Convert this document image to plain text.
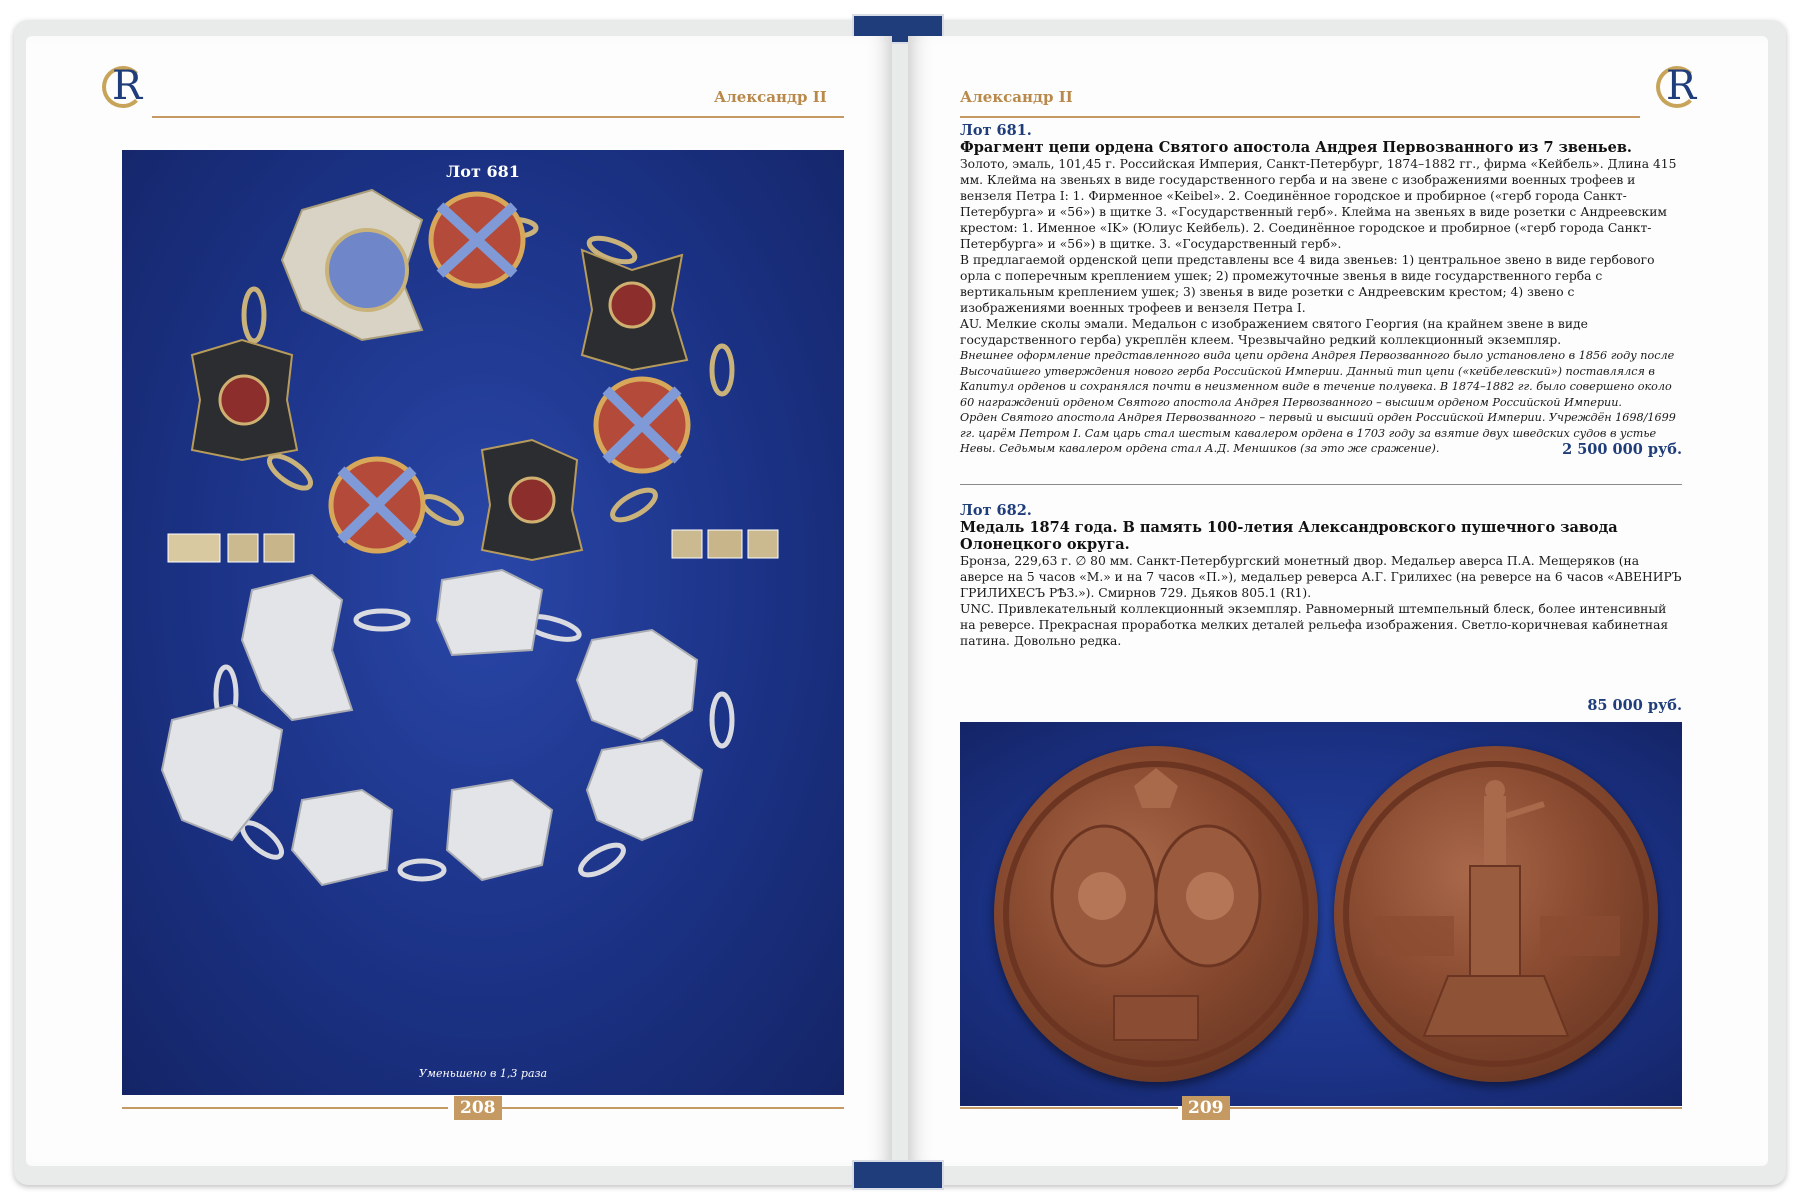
R	Александр II
Лот 681
Уменьшено в 1,3 раза
208
Александр II	R

Лот 681.

Фрагмент цепи ордена Святого апостола Андрея Первозванного из 7 звеньев.

Золото, эмаль, 101,45 г. Российская Империя, Санкт-Петербург, 1874–1882 гг., фирма «Кейбель». Длина 415 мм. Клейма на звеньях в виде государственного герба и на звене с изображениями военных трофеев и вензеля Петра I: 1. Фирменное «Keibel». 2. Соединённое городское и пробирное («герб города Санкт-Петербурга» и «56») в щитке 3. «Государственный герб». Клейма на звеньях в виде розетки с Андреевским крестом: 1. Именное «IK» (Юлиус Кейбель). 2. Соединённое городское и пробирное («герб города Санкт-Петербурга» и «56») в щитке. 3. «Государственный герб».

В предлагаемой орденской цепи представлены все 4 вида звеньев: 1) центральное звено в виде гербового орла с поперечным креплением ушек; 2) промежуточные звенья в виде государственного герба с вертикальным креплением ушек; 3) звенья в виде розетки с Андреевским крестом; 4) звено с изображениями военных трофеев и вензеля Петра I.

AU. Мелкие сколы эмали. Медальон с изображением святого Георгия (на крайнем звене в виде государственного герба) укреплён клеем. Чрезвычайно редкий коллекционный экземпляр.

Внешнее оформление представленного вида цепи ордена Андрея Первозванного было установлено в 1856 году после Высочайшего утверждения нового герба Российской Империи. Данный тип цепи («кейбелевский») поставлялся в Капитул орденов и сохранялся почти в неизменном виде в течение полувека. В 1874–1882 гг. было совершено около 60 награждений орденом Святого апостола Андрея Первозванного – высшим орденом Российской Империи.

Орден Святого апостола Андрея Первозванного – первый и высший орден Российской Империи. Учреждён 1698/1699 гг. царём Петром I. Сам царь стал шестым кавалером ордена в 1703 году за взятие двух шведских судов в устье Невы. Седьмым кавалером ордена стал А.Д. Меншиков (за это же сражение).	2 500 000 руб.

Лот 682.

Медаль 1874 года. В память 100-летия Александровского пушечного завода Олонецкого округа.

Бронза, 229,63 г. ∅ 80 мм. Санкт-Петербургский монетный двор. Медальер аверса П.А. Мещеряков (на аверсе на 5 часов «М.» и на 7 часов «П.»), медальер реверса А.Г. Грилихес (на реверсе на 6 часов «АВЕНИРЪ ГРИЛИХЕСЪ РѢЗ.»). Смирнов 729. Дьяков 805.1 (R1).

UNC. Привлекательный коллекционный экземпляр. Равномерный штемпельный блеск, более интенсивный на реверсе. Прекрасная проработка мелких деталей рельефа изображения. Светло-коричневая кабинетная патина. Довольно редка.

85 000 руб.
209
